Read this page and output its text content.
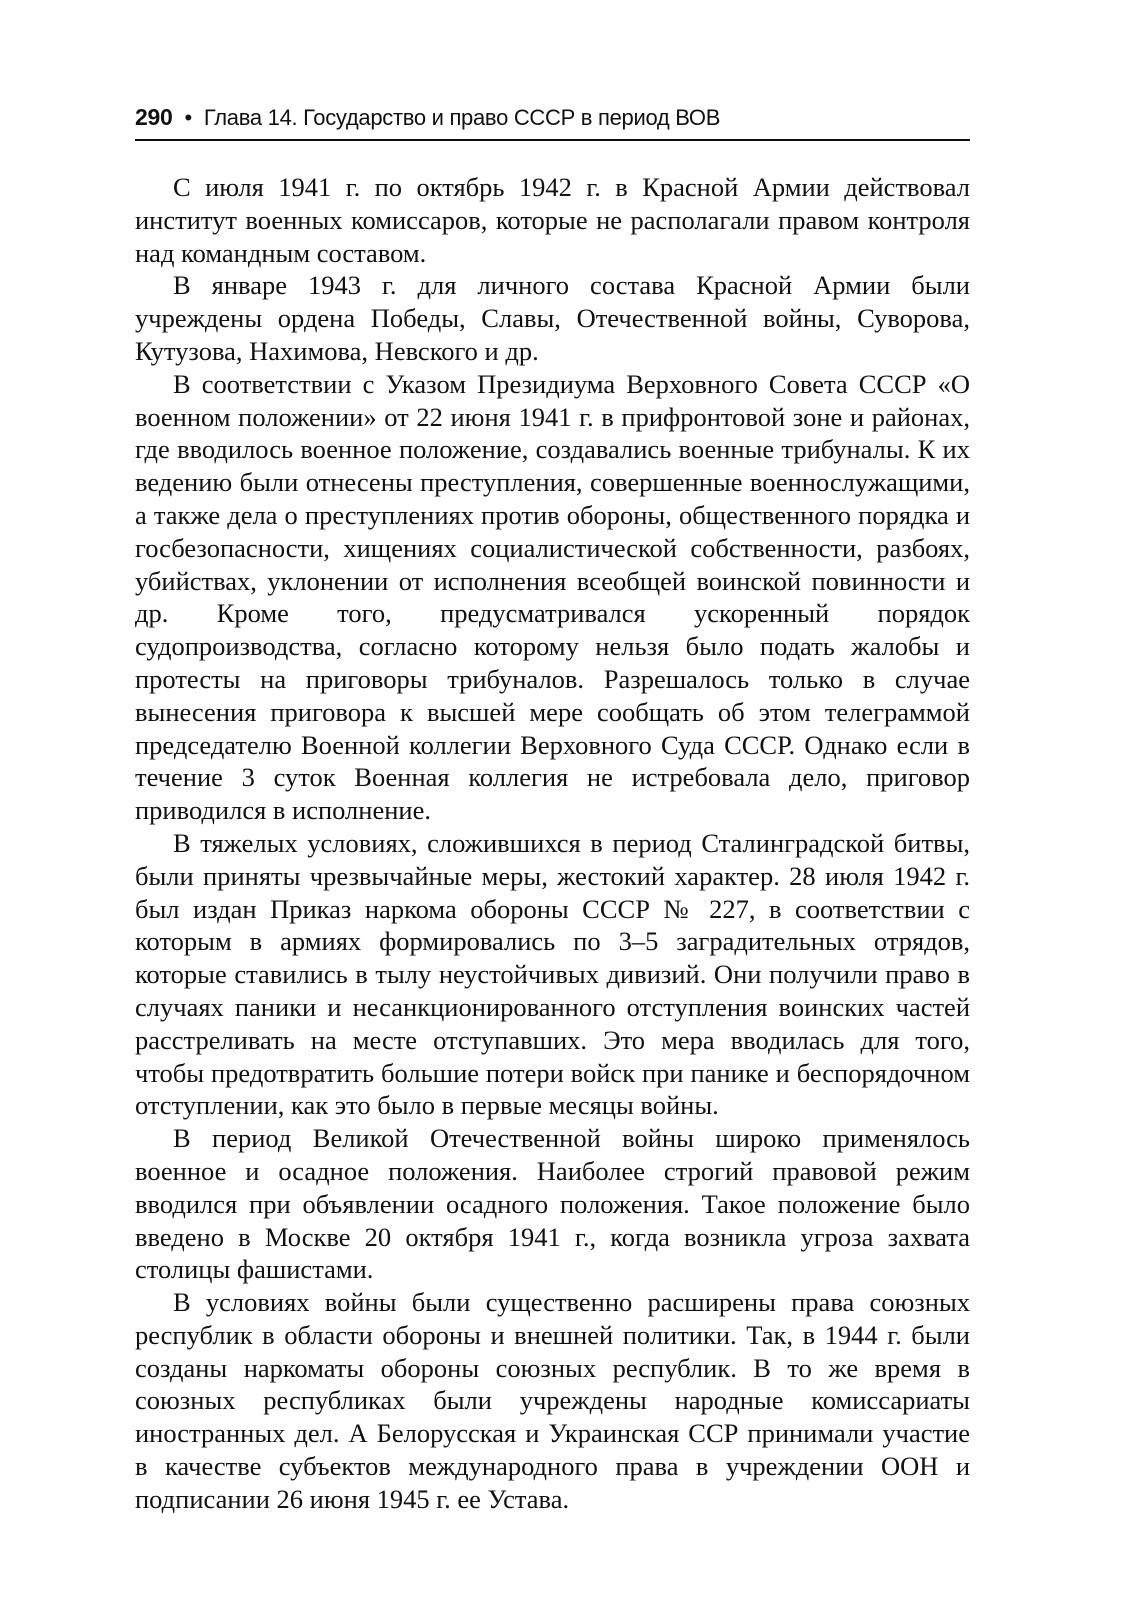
290 • Глава 14. Государство и право СССР в период ВОВ

С июля 1941 г. по октябрь 1942 г. в Красной Армии действовал институт военных комиссаров, которые не располагали правом контроля над командным составом.

В январе 1943 г. для личного состава Красной Армии были учреждены ордена Победы, Славы, Отечественной войны, Суворова, Кутузова, Нахимова, Невского и др.

В соответствии с Указом Президиума Верховного Совета СССР «О военном положении» от 22 июня 1941 г. в прифронтовой зоне и районах, где вводилось военное положение, создавались военные трибуналы. К их ведению были отнесены преступления, совершенные военнослужащими, а также дела о преступлениях против обороны, общественного порядка и госбезопасности, хищениях социалистической собственности, разбоях, убийствах, уклонении от исполнения всеобщей воинской повинности и др. Кроме того, предусматривался ускоренный порядок судопроизводства, согласно которому нельзя было подать жалобы и протесты на приговоры трибуналов. Разрешалось только в случае вынесения приговора к высшей мере сообщать об этом телеграммой председателю Военной коллегии Верховного Суда СССР. Однако если в течение 3 суток Военная коллегия не истребовала дело, приговор приводился в исполнение.

В тяжелых условиях, сложившихся в период Сталинградской битвы, были приняты чрезвычайные меры, жестокий характер. 28 июля 1942 г. был издан Приказ наркома обороны СССР № 227, в соответствии с которым в армиях формировались по 3–5 заградительных отрядов, которые ставились в тылу неустойчивых дивизий. Они получили право в случаях паники и несанкционированного отступления воинских частей расстреливать на месте отступавших. Это мера вводилась для того, чтобы предотвратить большие потери войск при панике и беспорядочном отступлении, как это было в первые месяцы войны.

В период Великой Отечественной войны широко применялось военное и осадное положения. Наиболее строгий правовой режим вводился при объявлении осадного положения. Такое положение было введено в Москве 20 октября 1941 г., когда возникла угроза захвата столицы фашистами.

В условиях войны были существенно расширены права союзных республик в области обороны и внешней политики. Так, в 1944 г. были созданы наркоматы обороны союзных республик. В то же время в союзных республиках были учреждены народные комиссариаты иностранных дел. А Белорусская и Украинская ССР принимали участие в качестве субъектов международного права в учреждении ООН и подписании 26 июня 1945 г. ее Устава.
